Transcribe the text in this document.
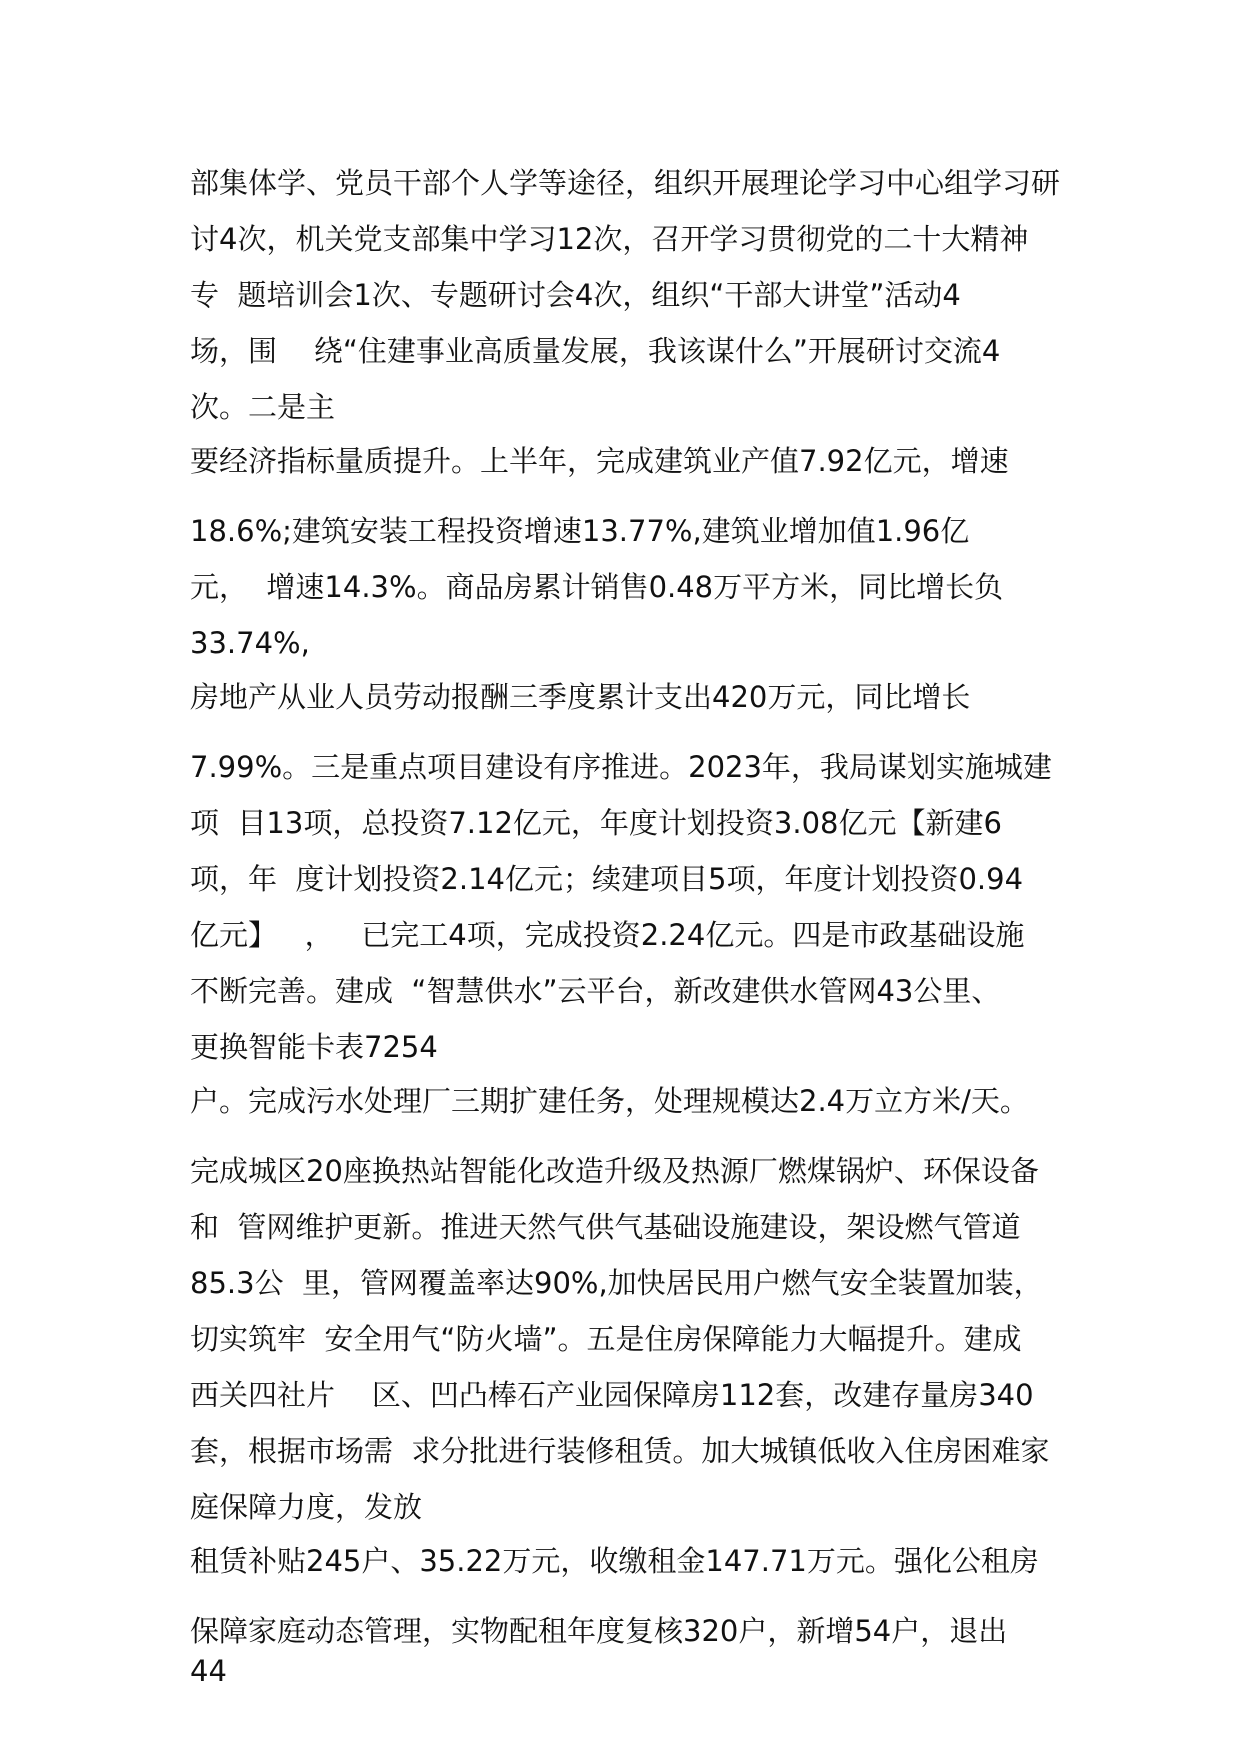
部集体学、党员干部个人学等途径，组织开展理论学习中心组学习研
讨4次，机关党支部集中学习12次，召开学习贯彻党的二十大精神
专  题培训会1次、专题研讨会4次，组织“干部大讲堂”活动4
场，围    绕“住建事业高质量发展，我该谋什么”开展研讨交流4
次。二是主
要经济指标量质提升。上半年，完成建筑业产值7.92亿元，增速
18.6%;建筑安装工程投资增速13.77%,建筑业增加值1.96亿
元，  增速14.3%。商品房累计销售0.48万平方米，同比增长负
33.74%,
房地产从业人员劳动报酬三季度累计支出420万元，同比增长
7.99%。三是重点项目建设有序推进。2023年，我局谋划实施城建
项  目13项，总投资7.12亿元，年度计划投资3.08亿元【新建6
项，年  度计划投资2.14亿元；续建项目5项，年度计划投资0.94
亿元】   ，   已完工4项，完成投资2.24亿元。四是市政基础设施
不断完善。建成  “智慧供水”云平台，新改建供水管网43公里、
更换智能卡表7254
户。完成污水处理厂三期扩建任务，处理规模达2.4万立方米/天。
完成城区20座换热站智能化改造升级及热源厂燃煤锅炉、环保设备
和  管网维护更新。推进天然气供气基础设施建设，架设燃气管道
85.3公  里，管网覆盖率达90%,加快居民用户燃气安全装置加装，
切实筑牢  安全用气“防火墙”。五是住房保障能力大幅提升。建成
西关四社片    区、凹凸棒石产业园保障房112套，改建存量房340
套，根据市场需  求分批进行装修租赁。加大城镇低收入住房困难家
庭保障力度，发放
租赁补贴245户、35.22万元，收缴租金147.71万元。强化公租房
保障家庭动态管理，实物配租年度复核320户，新增54户，退出
44
